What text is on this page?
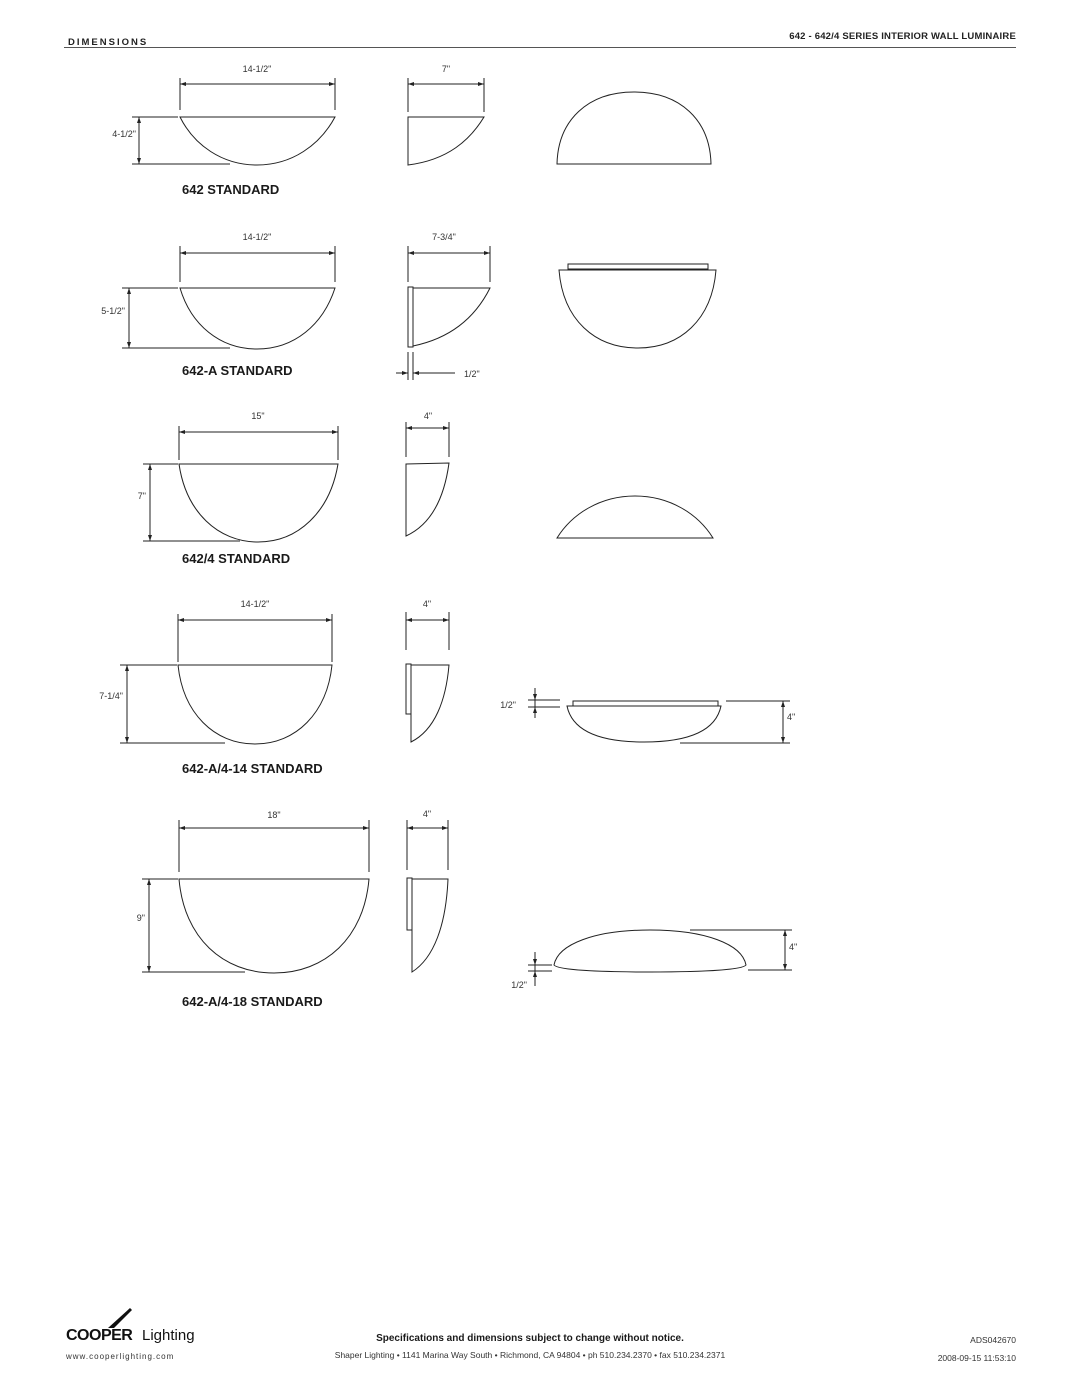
DIMENSIONS
642 - 642/4 SERIES INTERIOR WALL LUMINAIRE
14-1/2"
4-1/2"
7"
642 STANDARD
14-1/2"
5-1/2"
7-3/4"
1/2"
642-A STANDARD
15"
7"
4"
642/4 STANDARD
14-1/2"
7-1/4"
4"
1/2"
4"
642-A/4-14 STANDARD
18"
9"
4"
4"
1/2"
642-A/4-18 STANDARD
COOPER Lighting
www.cooperlighting.com
Specifications and dimensions subject to change without notice.
Shaper Lighting • 1141 Marina Way South • Richmond, CA 94804 • ph 510.234.2370 • fax 510.234.2371
ADS042670
2008-09-15 11:53:10
